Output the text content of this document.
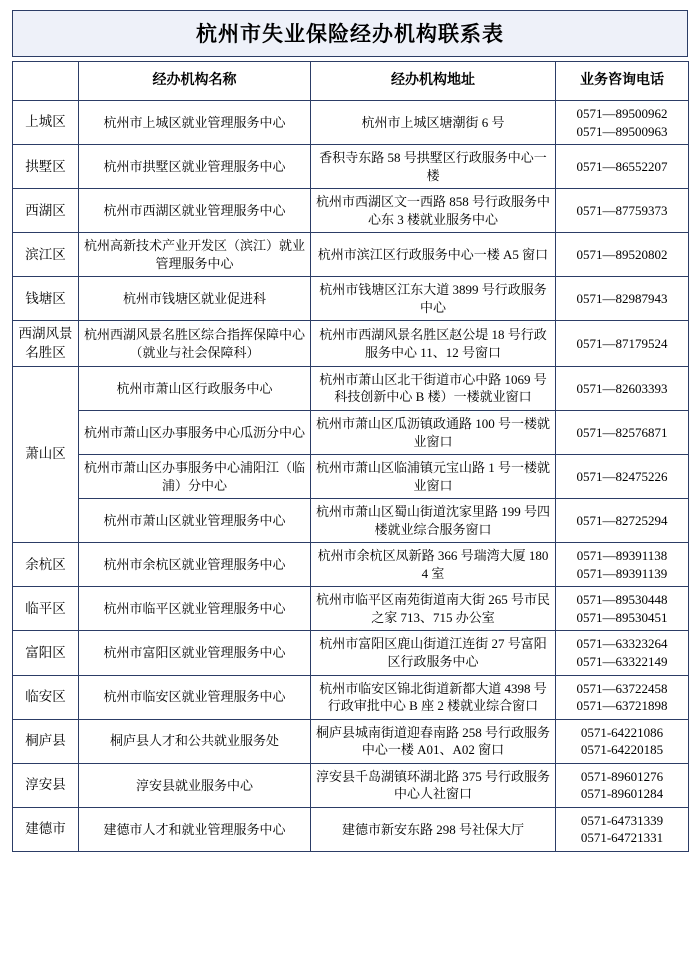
杭州市失业保险经办机构联系表
	经办机构名称	经办机构地址	业务咨询电话
上城区	杭州市上城区就业管理服务中心	杭州市上城区塘潮街 6 号	0571—89500962
0571—89500963

拱墅区	杭州市拱墅区就业管理服务中心	香积寺东路 58 号拱墅区行政服务中心一楼	0571—86552207

西湖区	杭州市西湖区就业管理服务中心	杭州市西湖区文一西路 858 号行政服务中心东 3 楼就业服务中心	0571—87759373

滨江区	杭州高新技术产业开发区（滨江）就业管理服务中心	杭州市滨江区行政服务中心一楼 A5 窗口	0571—89520802

钱塘区	杭州市钱塘区就业促进科	杭州市钱塘区江东大道 3899 号行政服务中心	0571—82987943

西湖风景名胜区	杭州西湖风景名胜区综合指挥保障中心（就业与社会保障科）	杭州市西湖风景名胜区赵公堤 18 号行政服务中心 11、12 号窗口	0571—87179524

萧山区	杭州市萧山区行政服务中心	杭州市萧山区北干街道市心中路 1069 号科技创新中心 B 楼）一楼就业窗口	0571—82603393

	杭州市萧山区办事服务中心瓜沥分中心	杭州市萧山区瓜沥镇政通路 100 号一楼就业窗口	0571—82576871

	杭州市萧山区办事服务中心浦阳江（临浦）分中心	杭州市萧山区临浦镇元宝山路 1 号一楼就业窗口	0571—82475226

	杭州市萧山区就业管理服务中心	杭州市萧山区蜀山街道沈家里路 199 号四楼就业综合服务窗口	0571—82725294

余杭区	杭州市余杭区就业管理服务中心	杭州市余杭区凤新路 366 号瑞湾大厦 1804 室	0571—89391138
0571—89391139

临平区	杭州市临平区就业管理服务中心	杭州市临平区南苑街道南大街 265 号市民之家 713、715 办公室	0571—89530448
0571—89530451

富阳区	杭州市富阳区就业管理服务中心	杭州市富阳区鹿山街道江连街 27 号富阳区行政服务中心	0571—63323264
0571—63322149

临安区	杭州市临安区就业管理服务中心	杭州市临安区锦北街道新都大道 4398 号行政审批中心 B 座 2 楼就业综合窗口	0571—63722458
0571—63721898

桐庐县	桐庐县人才和公共就业服务处	桐庐县城南街道迎春南路 258 号行政服务中心一楼 A01、A02 窗口	0571-64221086
0571-64220185

淳安县	淳安县就业服务中心	淳安县千岛湖镇环湖北路 375 号行政服务中心人社窗口	0571-89601276
0571-89601284

建德市	建德市人才和就业管理服务中心	建德市新安东路 298 号社保大厅	0571-64731339
0571-64721331
